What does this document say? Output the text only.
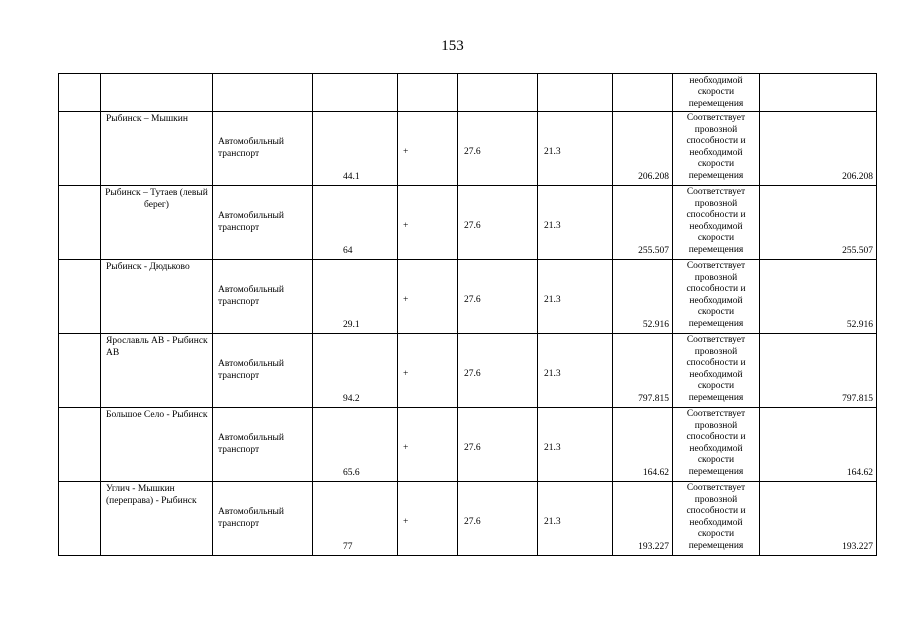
153

								необходимой
скорости
перемещения	

	Рыбинск – Мышкин	Автомобильный транспорт	44.1	+	27.6	21.3	206.208	Соответствует провозной способности и необходимой скорости перемещения	206.208

	Рыбинск – Тутаев (левый берег)	Автомобильный транспорт	64	+	27.6	21.3	255.507	Соответствует провозной способности и необходимой скорости перемещения	255.507

	Рыбинск - Дюдьково	Автомобильный транспорт	29.1	+	27.6	21.3	52.916	Соответствует провозной способности и необходимой скорости перемещения	52.916

	Ярославль АВ - Рыбинск АВ	Автомобильный транспорт	94.2	+	27.6	21.3	797.815	Соответствует провозной способности и необходимой скорости перемещения	797.815

	Большое Село - Рыбинск	Автомобильный транспорт	65.6	+	27.6	21.3	164.62	Соответствует провозной способности и необходимой скорости перемещения	164.62

	Углич - Мышкин (переправа) - Рыбинск	Автомобильный транспорт	77	+	27.6	21.3	193.227	Соответствует провозной способности и необходимой скорости перемещения	193.227
